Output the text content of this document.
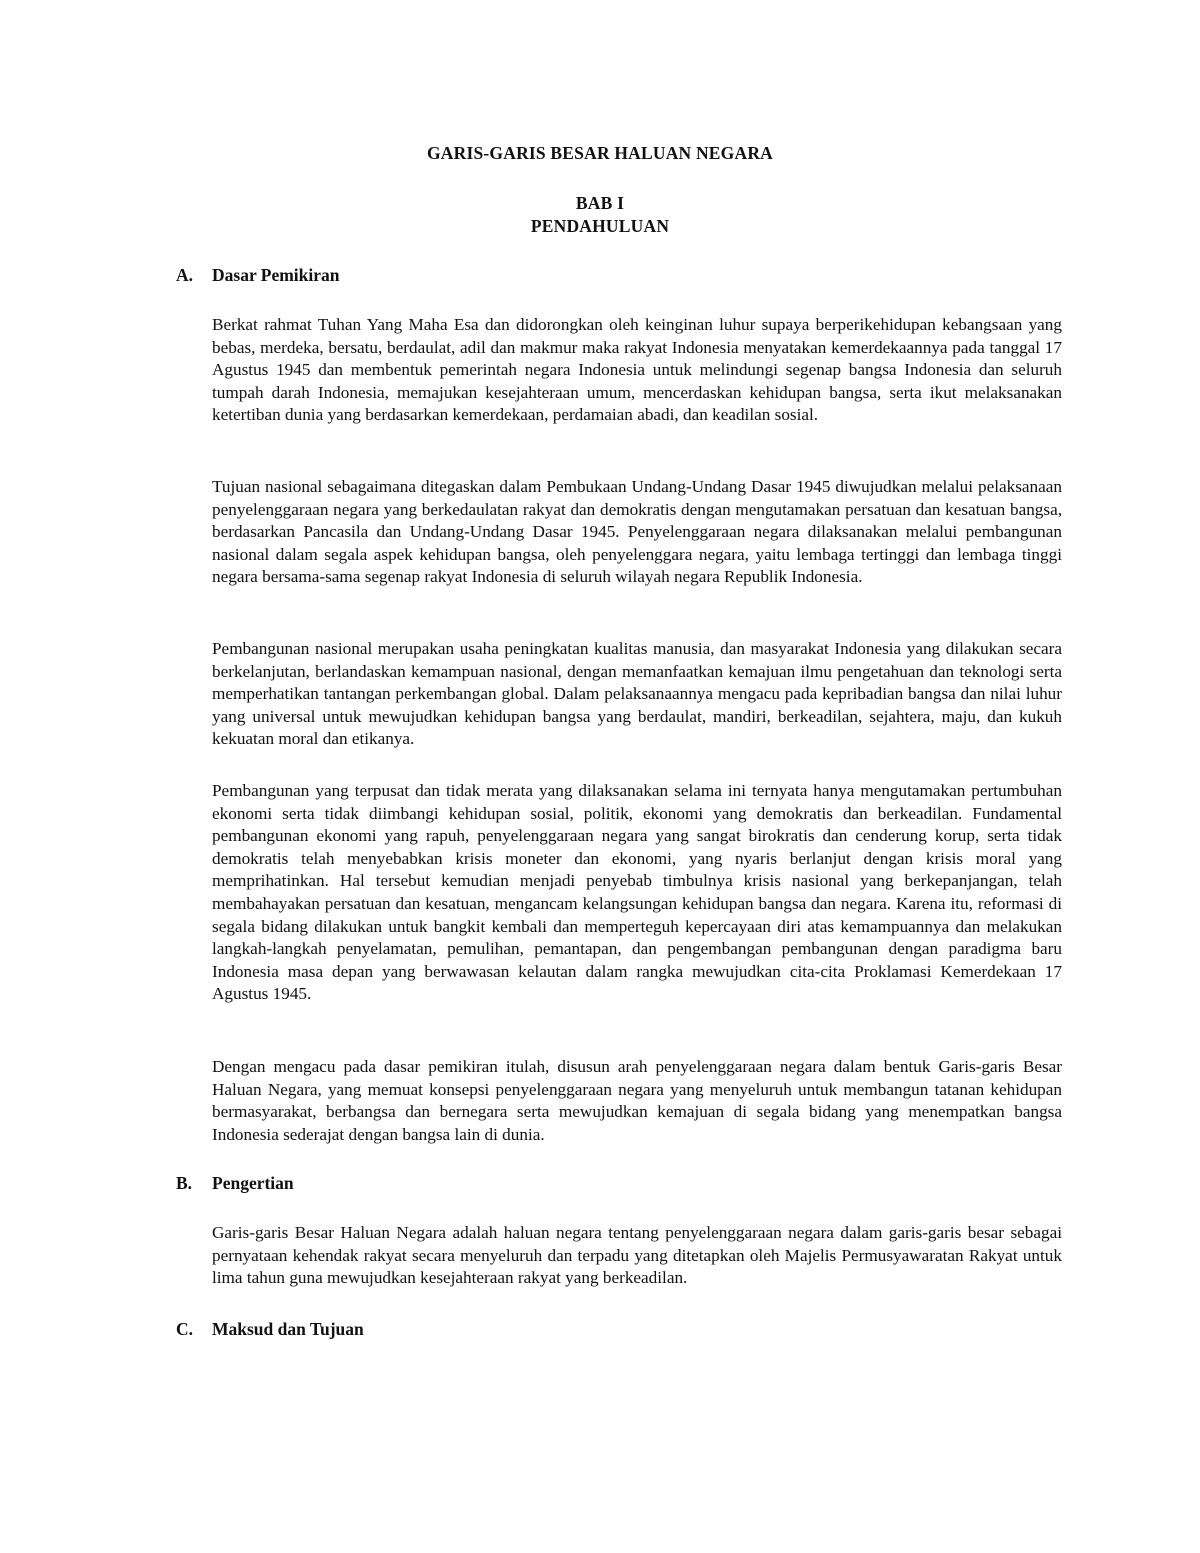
GARIS-GARIS BESAR HALUAN NEGARA
BAB I
PENDAHULUAN
A. Dasar Pemikiran

Berkat rahmat Tuhan Yang Maha Esa dan didorongkan oleh keinginan luhur supaya berperikehidupan kebangsaan yang bebas, merdeka, bersatu, berdaulat, adil dan makmur maka rakyat Indonesia menyatakan kemerdekaannya pada tanggal 17 Agustus 1945 dan membentuk pemerintah negara Indonesia untuk melindungi segenap bangsa Indonesia dan seluruh tumpah darah Indonesia, memajukan kesejahteraan umum, mencerdaskan kehidupan bangsa, serta ikut melaksanakan ketertiban dunia yang berdasarkan kemerdekaan, perdamaian abadi, dan keadilan sosial.

Tujuan nasional sebagaimana ditegaskan dalam Pembukaan Undang-Undang Dasar 1945 diwujudkan melalui pelaksanaan penyelenggaraan negara yang berkedaulatan rakyat dan demokratis dengan mengutamakan persatuan dan kesatuan bangsa, berdasarkan Pancasila dan Undang-Undang Dasar 1945. Penyelenggaraan negara dilaksanakan melalui pembangunan nasional dalam segala aspek kehidupan bangsa, oleh penyelenggara negara, yaitu lembaga tertinggi dan lembaga tinggi negara bersama-sama segenap rakyat Indonesia di seluruh wilayah negara Republik Indonesia.

Pembangunan nasional merupakan usaha peningkatan kualitas manusia, dan masyarakat Indonesia yang dilakukan secara berkelanjutan, berlandaskan kemampuan nasional, dengan memanfaatkan kemajuan ilmu pengetahuan dan teknologi serta memperhatikan tantangan perkembangan global. Dalam pelaksanaannya mengacu pada kepribadian bangsa dan nilai luhur yang universal untuk mewujudkan kehidupan bangsa yang berdaulat, mandiri, berkeadilan, sejahtera, maju, dan kukuh kekuatan moral dan etikanya.

Pembangunan yang terpusat dan tidak merata yang dilaksanakan selama ini ternyata hanya mengutamakan pertumbuhan ekonomi serta tidak diimbangi kehidupan sosial, politik, ekonomi yang demokratis dan berkeadilan. Fundamental pembangunan ekonomi yang rapuh, penyelenggaraan negara yang sangat birokratis dan cenderung korup, serta tidak demokratis telah menyebabkan krisis moneter dan ekonomi, yang nyaris berlanjut dengan krisis moral yang memprihatinkan. Hal tersebut kemudian menjadi penyebab timbulnya krisis nasional yang berkepanjangan, telah membahayakan persatuan dan kesatuan, mengancam kelangsungan kehidupan bangsa dan negara. Karena itu, reformasi di segala bidang dilakukan untuk bangkit kembali dan memperteguh kepercayaan diri atas kemampuannya dan melakukan langkah-langkah penyelamatan, pemulihan, pemantapan, dan pengembangan pembangunan dengan paradigma baru Indonesia masa depan yang berwawasan kelautan dalam rangka mewujudkan cita-cita Proklamasi Kemerdekaan 17 Agustus 1945.

Dengan mengacu pada dasar pemikiran itulah, disusun arah penyelenggaraan negara dalam bentuk Garis-garis Besar Haluan Negara, yang memuat konsepsi penyelenggaraan negara yang menyeluruh untuk membangun tatanan kehidupan bermasyarakat, berbangsa dan bernegara serta mewujudkan kemajuan di segala bidang yang menempatkan bangsa Indonesia sederajat dengan bangsa lain di dunia.

B. Pengertian

Garis-garis Besar Haluan Negara adalah haluan negara tentang penyelenggaraan negara dalam garis-garis besar sebagai pernyataan kehendak rakyat secara menyeluruh dan terpadu yang ditetapkan oleh Majelis Permusyawaratan Rakyat untuk lima tahun guna mewujudkan kesejahteraan rakyat yang berkeadilan.

C. Maksud dan Tujuan
